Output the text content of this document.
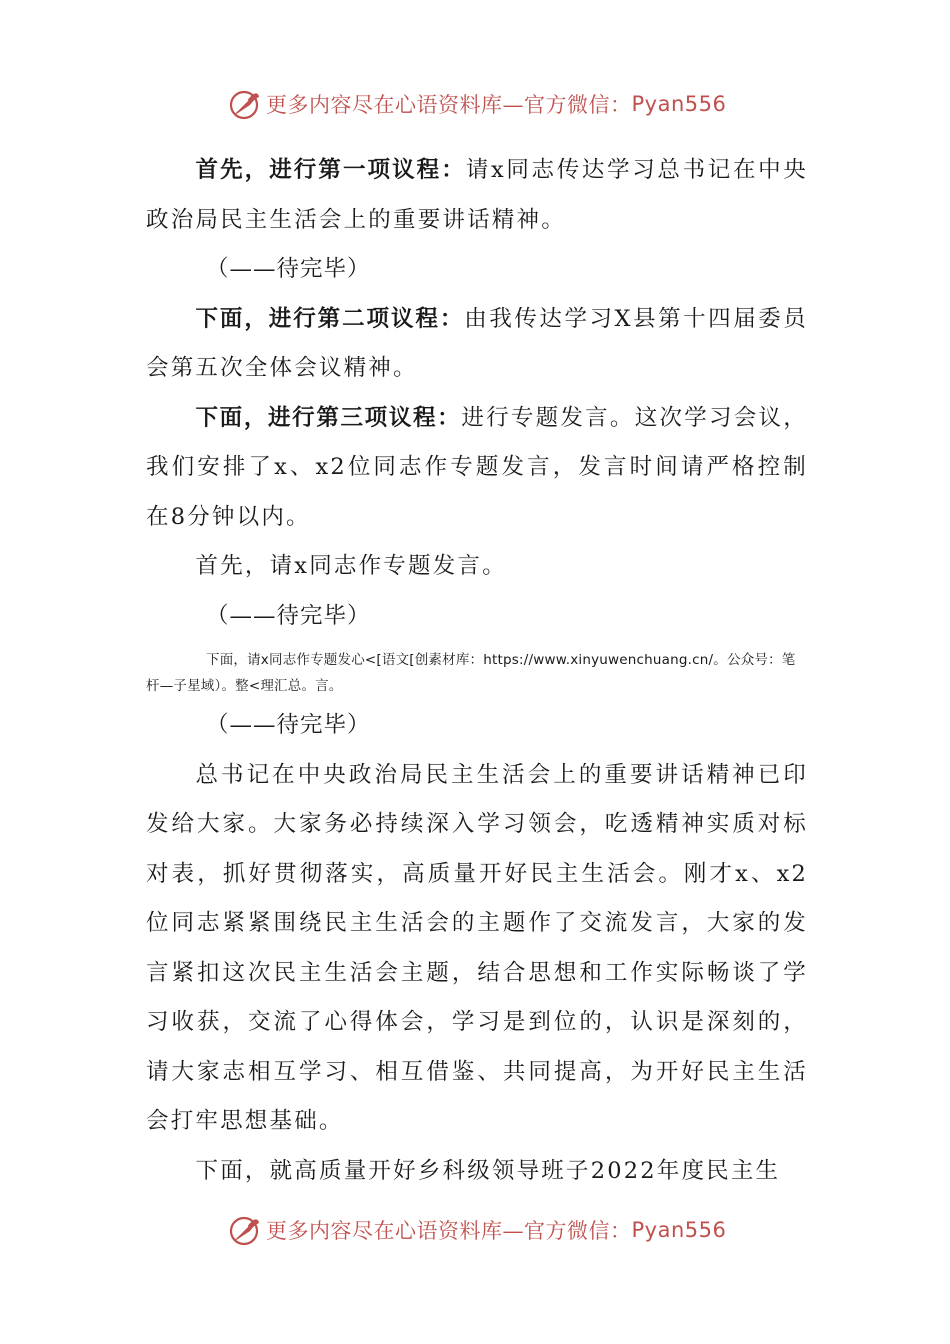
更多内容尽在心语资料库—官方微信： Pyan556

首先，进行第一项议程：请x同志传达学习总书记在中央政治局民主生活会上的重要讲话精神。

（——待完毕）

下面，进行第二项议程：由我传达学习X县第十四届委员会第五次全体会议精神。

下面，进行第三项议程：进行专题发言。这次学习会议，我们安排了x、x2位同志作专题发言，发言时间请严格控制在8分钟以内。

首先，请x同志作专题发言。

（——待完毕）

下面，请x同志作专题发心<[语文[创素材库：https://www.xinyuwenchuang.cn/。公众号：笔杆—子星域）。整<理汇总。言。

（——待完毕）

总书记在中央政治局民主生活会上的重要讲话精神已印发给大家。大家务必持续深入学习领会，吃透精神实质对标对表，抓好贯彻落实，高质量开好民主生活会。刚才x、x2位同志紧紧围绕民主生活会的主题作了交流发言，大家的发言紧扣这次民主生活会主题，结合思想和工作实际畅谈了学习收获，交流了心得体会，学习是到位的，认识是深刻的，请大家志相互学习、相互借鉴、共同提高，为开好民主生活会打牢思想基础。

下面，就高质量开好乡科级领导班子2022年度民主生

更多内容尽在心语资料库—官方微信： Pyan556
